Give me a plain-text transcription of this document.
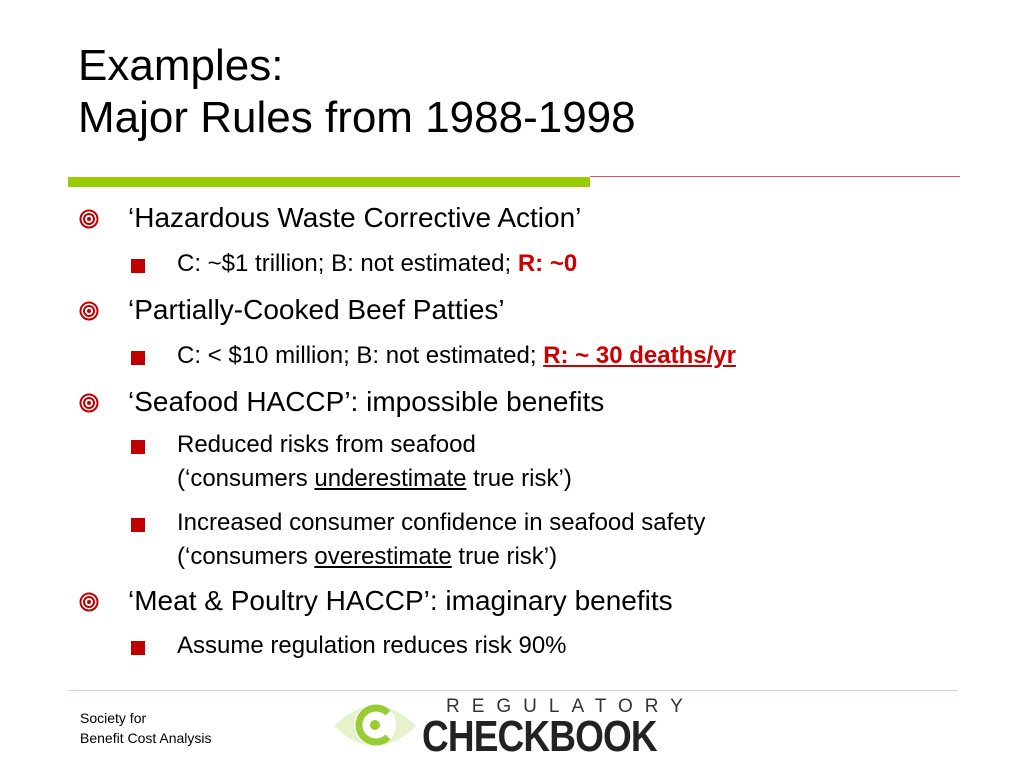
Examples:
Major Rules from 1988-1998
‘Hazardous Waste Corrective Action’
C: ~$1 trillion; B: not estimated; R: ~0
‘Partially-Cooked Beef Patties’
C: < $10 million; B: not estimated; R: ~ 30 deaths/yr
‘Seafood HACCP’: impossible benefits
Reduced risks from seafood
(‘consumers underestimate true risk’)
Increased consumer confidence in seafood safety
(‘consumers overestimate true risk’)
‘Meat & Poultry HACCP’: imaginary benefits
Assume regulation reduces risk 90%
Society for
Benefit Cost Analysis
REGULATORY
CHECKBOOK
